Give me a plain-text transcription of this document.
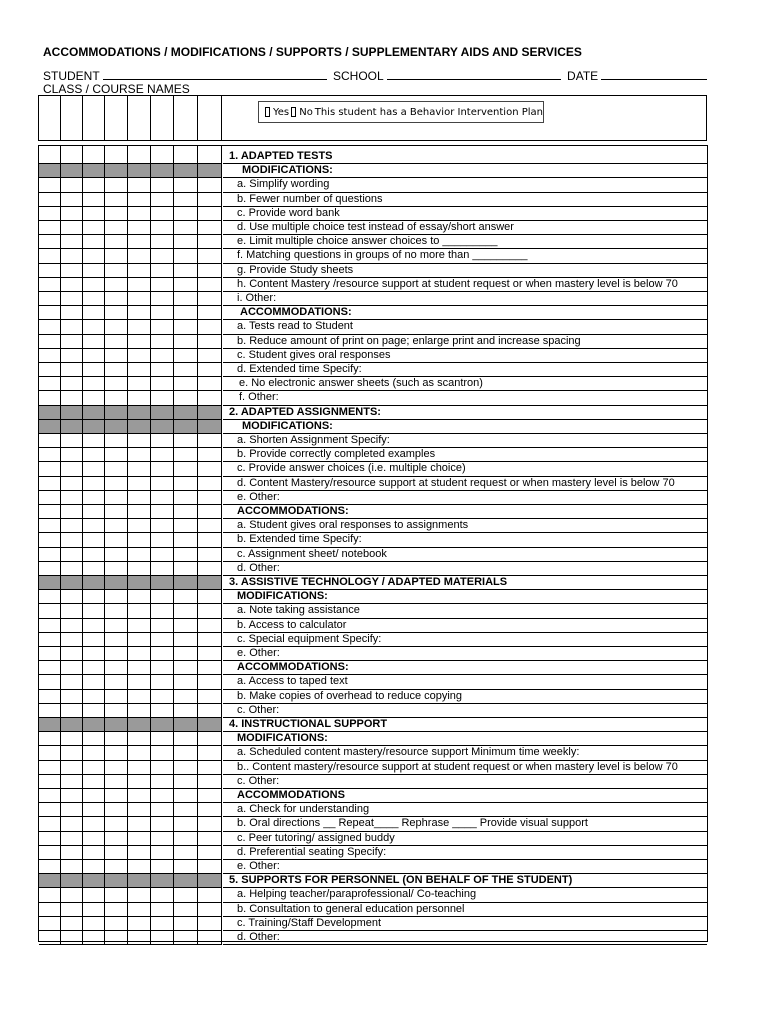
ACCOMMODATIONS / MODIFICATIONS / SUPPORTS / SUPPLEMENTARY AIDS AND SERVICES
STUDENT	SCHOOL	DATE
CLASS / COURSE NAMES
Yes No This student has a Behavior Intervention Plan
1. ADAPTED TESTS
MODIFICATIONS:
a. Simplify wording
b. Fewer number of questions
c. Provide word bank
d. Use multiple choice test instead of essay/short answer
e. Limit multiple choice answer choices to _________
f. Matching questions in groups of no more than _________
g. Provide Study sheets
h. Content Mastery /resource support at student request or when mastery level is below 70
i. Other:
ACCOMMODATIONS:
a. Tests read to Student
b. Reduce amount of print on page; enlarge print and increase spacing
c. Student gives oral responses
d. Extended time Specify:
e. No electronic answer sheets (such as scantron)
f. Other:
2. ADAPTED ASSIGNMENTS:
MODIFICATIONS:
a. Shorten Assignment Specify:
b. Provide correctly completed examples
c. Provide answer choices (i.e. multiple choice)
d. Content Mastery/resource support at student request or when mastery level is below 70
e. Other:
ACCOMMODATIONS:
a. Student gives oral responses to assignments
b. Extended time Specify:
c. Assignment sheet/ notebook
d. Other:
3. ASSISTIVE TECHNOLOGY / ADAPTED MATERIALS
MODIFICATIONS:
a. Note taking assistance
b. Access to calculator
c. Special equipment Specify:
e. Other:
ACCOMMODATIONS:
a. Access to taped text
b. Make copies of overhead to reduce copying
c. Other:
4. INSTRUCTIONAL SUPPORT
MODIFICATIONS:
a. Scheduled content mastery/resource support Minimum time weekly:
b.. Content mastery/resource support at student request or when mastery level is below 70
c. Other:
ACCOMMODATIONS
a. Check for understanding
b. Oral directions __ Repeat____ Rephrase ____ Provide visual support
c. Peer tutoring/ assigned buddy
d. Preferential seating Specify:
e. Other:
5. SUPPORTS FOR PERSONNEL (ON BEHALF OF THE STUDENT)
a. Helping teacher/paraprofessional/ Co-teaching
b. Consultation to general education personnel
c. Training/Staff Development
d. Other:
